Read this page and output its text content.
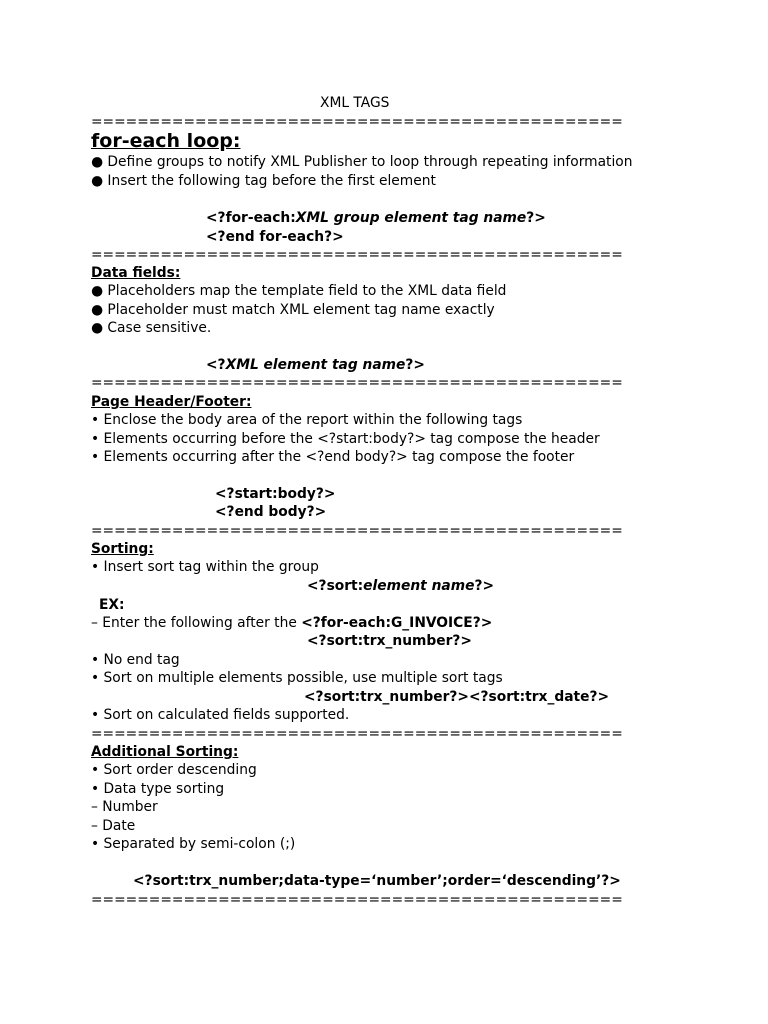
XML TAGS
==============================================
for-each loop:
● Define groups to notify XML Publisher to loop through repeating information
● Insert the following tag before the first element
<?for-each:XML group element tag name?>
<?end for-each?>
==============================================
Data fields:
● Placeholders map the template field to the XML data field
● Placeholder must match XML element tag name exactly
● Case sensitive.
<?XML element tag name?>
==============================================
Page Header/Footer:
• Enclose the body area of the report within the following tags
• Elements occurring before the <?start:body?> tag compose the header
• Elements occurring after the <?end body?> tag compose the footer
<?start:body?>
<?end body?>
==============================================
Sorting:
• Insert sort tag within the group
<?sort:element name?>
EX:
– Enter the following after the <?for-each:G_INVOICE?>
<?sort:trx_number?>
• No end tag
• Sort on multiple elements possible, use multiple sort tags
<?sort:trx_number?><?sort:trx_date?>
• Sort on calculated fields supported.
==============================================
Additional Sorting:
• Sort order descending
• Data type sorting
– Number
– Date
• Separated by semi-colon (;)
<?sort:trx_number;data-type=‘number’;order=‘descending’?>
==============================================
